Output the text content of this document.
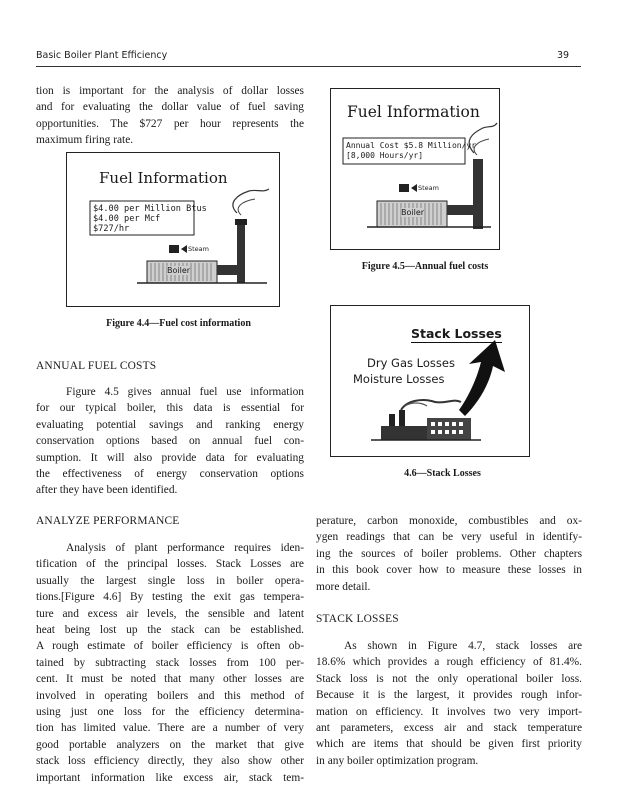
Basic Boiler Plant Efficiency	39
tion is important for the analysis of dollar losses
and for evaluating the dollar value of fuel saving
opportunities. The $727 per hour represents the
maximum firing rate.
Fuel Information
$4.00 per Million Btus
$4.00 per Mcf
$727/hr
Steam
Boiler
Figure 4.4—Fuel cost information
ANNUAL FUEL COSTS
Figure 4.5 gives annual fuel use information
for our typical boiler, this data is essential for
evaluating potential savings and ranking energy
conservation options based on annual fuel con-
sumption. It will also provide data for evaluating
the effectiveness of energy conservation options
after they have been identified.
ANALYZE PERFORMANCE
Analysis of plant performance requires iden-
tification of the principal losses. Stack Losses are
usually the largest single loss in boiler opera-
tions.[Figure 4.6] By testing the exit gas tempera-
ture and excess air levels, the sensible and latent
heat being lost up the stack can be established.
A rough estimate of boiler efficiency is often ob-
tained by subtracting stack losses from 100 per-
cent. It must be noted that many other losses are
involved in operating boilers and this method of
using just one loss for the efficiency determina-
tion has limited value. There are a number of very
good portable analyzers on the market that give
stack loss efficiency directly, they also show other
important information like excess air, stack tem-
Fuel Information
Annual Cost $5.8 Million/yr
[8,000 Hours/yr]
Steam
Boiler
Figure 4.5—Annual fuel costs
Stack Losses
Dry Gas Losses
Moisture Losses
4.6—Stack Losses
perature, carbon monoxide, combustibles and ox-
ygen readings that can be very useful in identify-
ing the sources of boiler problems. Other chapters
in this book cover how to measure these losses in
more detail.
STACK LOSSES
As shown in Figure 4.7, stack losses are
18.6% which provides a rough efficiency of 81.4%.
Stack loss is not the only operational boiler loss.
Because it is the largest, it provides rough infor-
mation on efficiency. It involves two very import-
ant parameters, excess air and stack temperature
which are items that should be given first priority
in any boiler optimization program.
